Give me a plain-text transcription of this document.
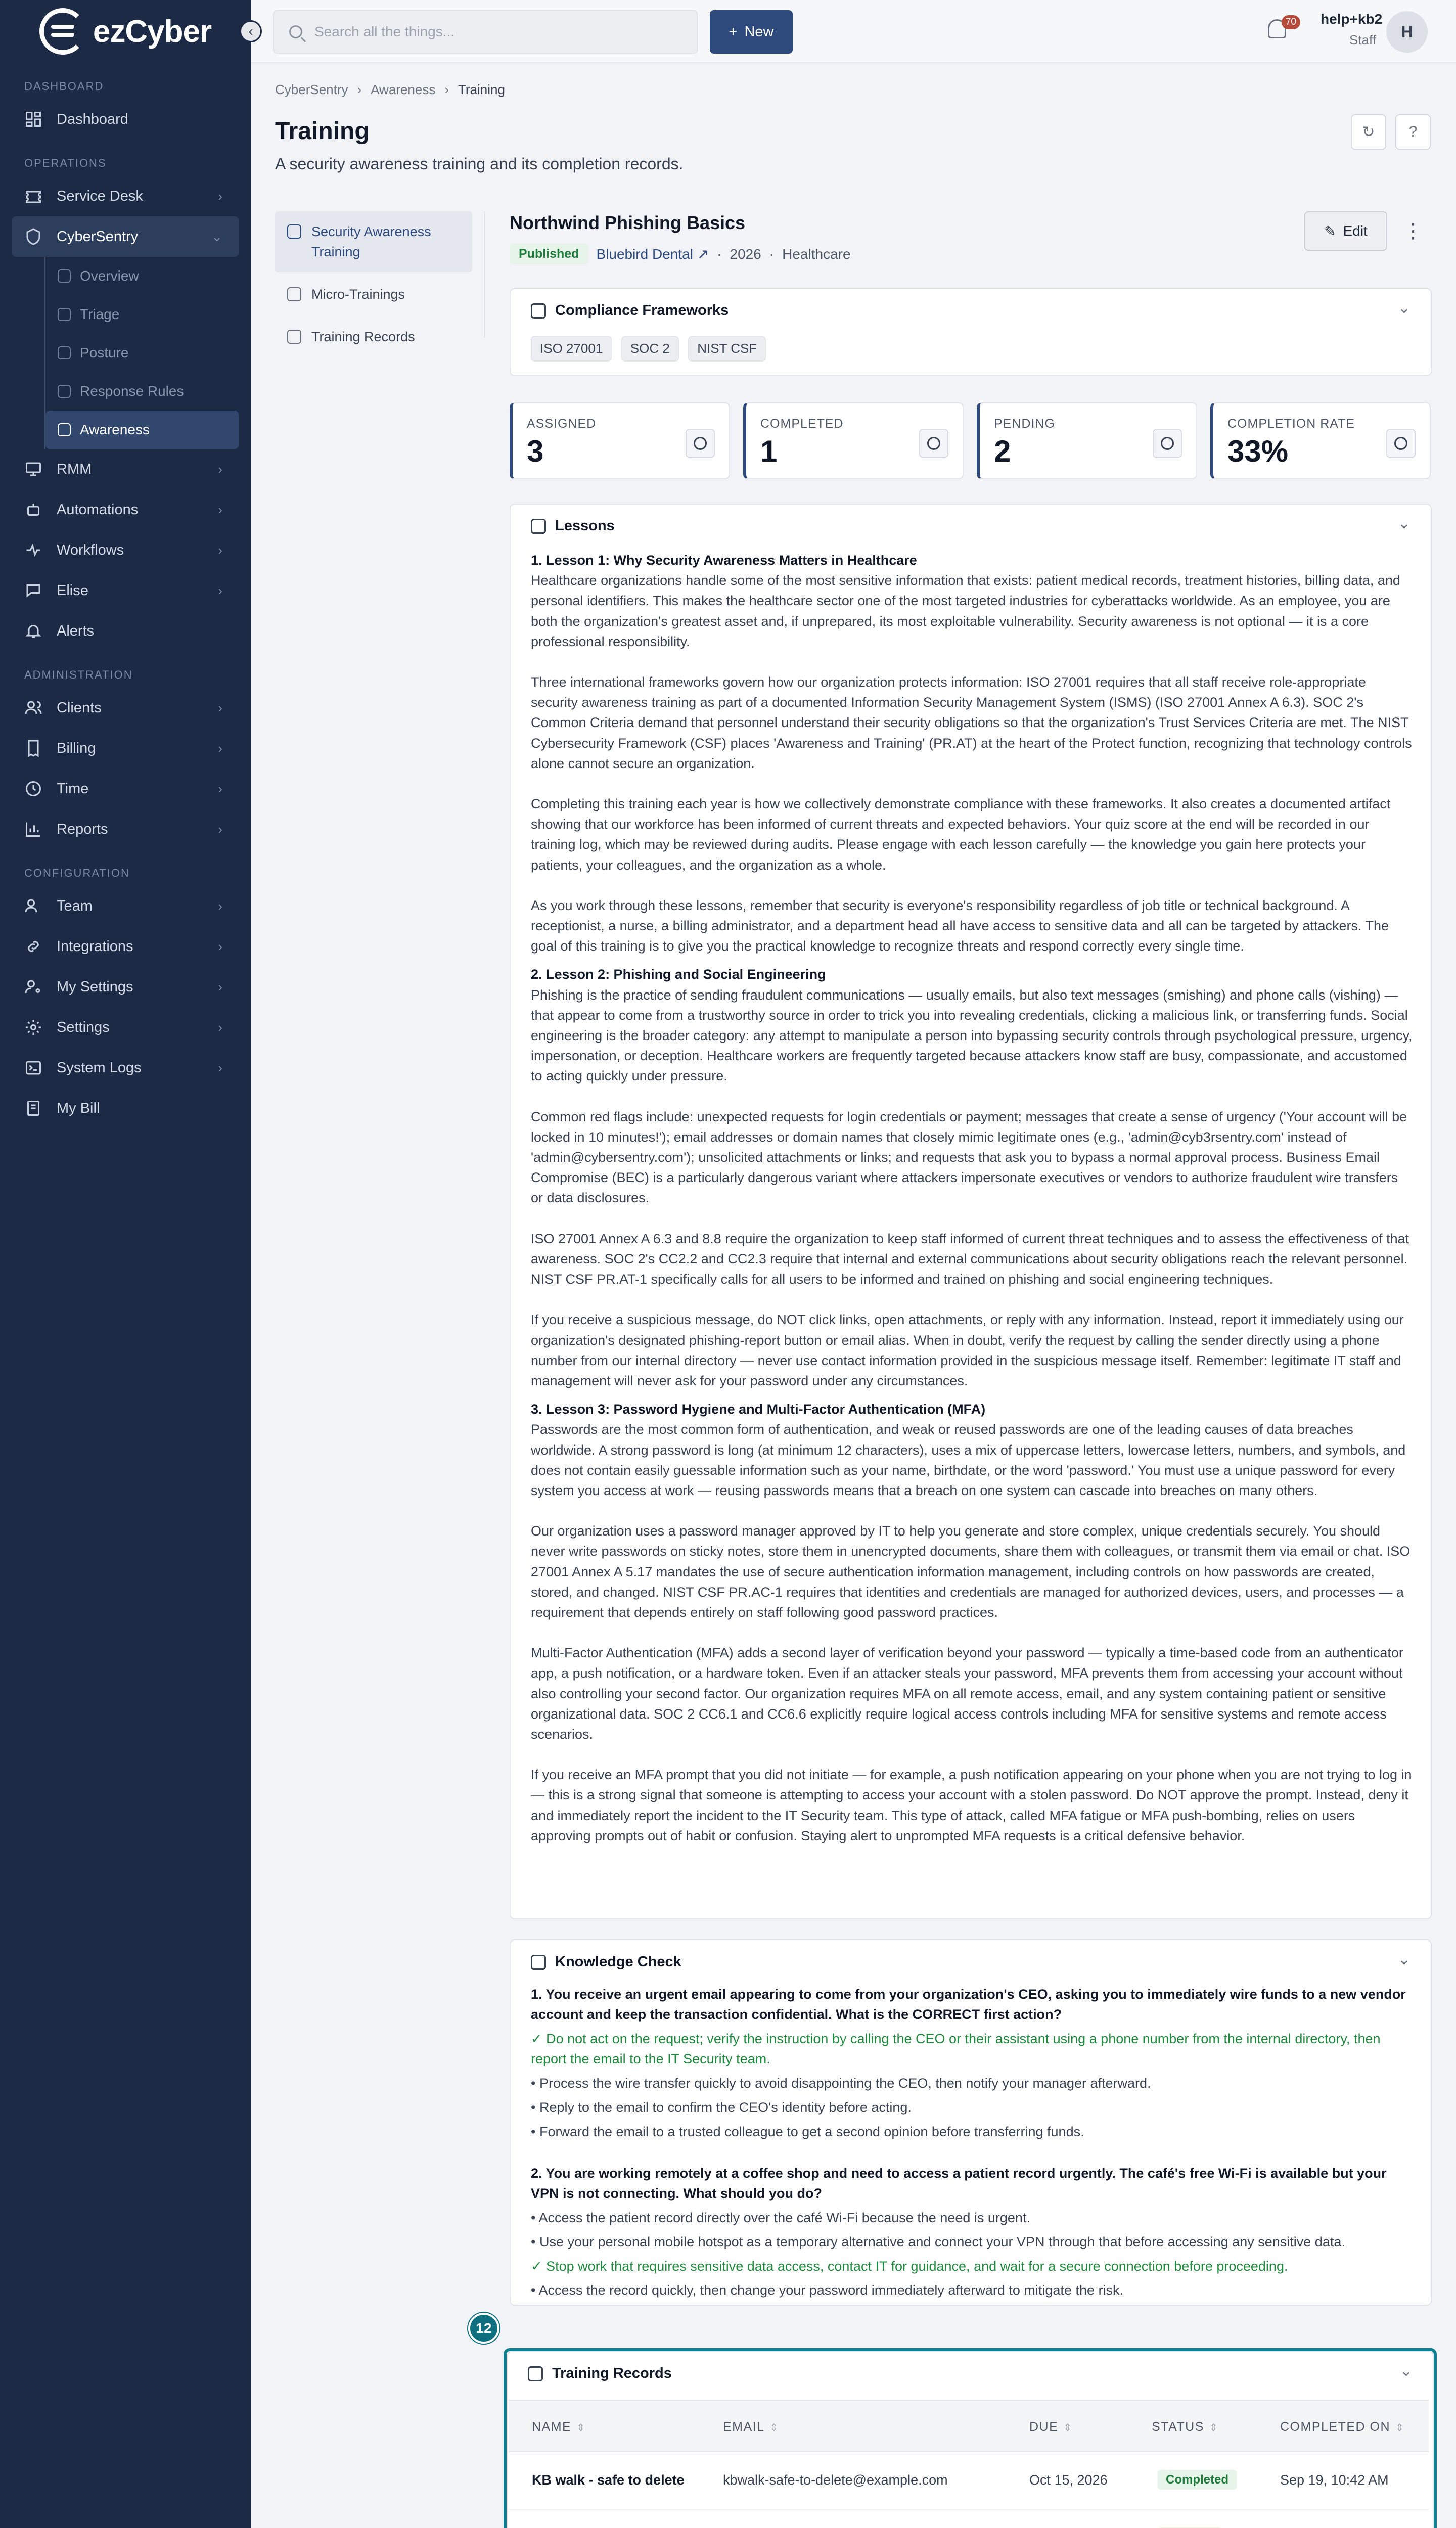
ezCyber	‹
DASHBOARD
Dashboard
OPERATIONS
Service Desk	›
CyberSentry	⌄
Overview
Triage
Posture
Response Rules
Awareness
RMM	›
Automations	›
Workflows	›
Elise	›
Alerts
ADMINISTRATION
Clients	›
Billing	›
Time	›
Reports	›
CONFIGURATION
Team	›
Integrations	›
My Settings	›
Settings	›
System Logs	›
My Bill
Search all the things...	+ New
70 help+kb2
Staff	H
CyberSentry › Awareness › Training
Training
A security awareness training and its completion records.
↻ ?
Security Awareness Training
Micro-Trainings
Training Records
Northwind Phishing Basics
Published	Bluebird Dental ↗ · 2026 · Healthcare
✎ Edit ⋮
Compliance Frameworks	⌄
ISO 27001 SOC 2 NIST CSF
ASSIGNED
3
COMPLETED
1
PENDING
2
COMPLETION RATE
33%
Lessons	⌄
1. Lesson 1: Why Security Awareness Matters in Healthcare

Healthcare organizations handle some of the most sensitive information that exists: patient medical records, treatment histories, billing data, and personal identifiers. This makes the healthcare sector one of the most targeted industries for cyberattacks worldwide. As an employee, you are both the organization's greatest asset and, if unprepared, its most exploitable vulnerability. Security awareness is not optional — it is a core professional responsibility.

Three international frameworks govern how our organization protects information: ISO 27001 requires that all staff receive role-appropriate security awareness training as part of a documented Information Security Management System (ISMS) (ISO 27001 Annex A 6.3). SOC 2's Common Criteria demand that personnel understand their security obligations so that the organization's Trust Services Criteria are met. The NIST Cybersecurity Framework (CSF) places 'Awareness and Training' (PR.AT) at the heart of the Protect function, recognizing that technology controls alone cannot secure an organization.

Completing this training each year is how we collectively demonstrate compliance with these frameworks. It also creates a documented artifact showing that our workforce has been informed of current threats and expected behaviors. Your quiz score at the end will be recorded in our training log, which may be reviewed during audits. Please engage with each lesson carefully — the knowledge you gain here protects your patients, your colleagues, and the organization as a whole.

As you work through these lessons, remember that security is everyone's responsibility regardless of job title or technical background. A receptionist, a nurse, a billing administrator, and a department head all have access to sensitive data and all can be targeted by attackers. The goal of this training is to give you the practical knowledge to recognize threats and respond correctly every single time.

2. Lesson 2: Phishing and Social Engineering

Phishing is the practice of sending fraudulent communications — usually emails, but also text messages (smishing) and phone calls (vishing) — that appear to come from a trustworthy source in order to trick you into revealing credentials, clicking a malicious link, or transferring funds. Social engineering is the broader category: any attempt to manipulate a person into bypassing security controls through psychological pressure, urgency, impersonation, or deception. Healthcare workers are frequently targeted because attackers know staff are busy, compassionate, and accustomed to acting quickly under pressure.

Common red flags include: unexpected requests for login credentials or payment; messages that create a sense of urgency ('Your account will be locked in 10 minutes!'); email addresses or domain names that closely mimic legitimate ones (e.g., 'admin@cyb3rsentry.com' instead of 'admin@cybersentry.com'); unsolicited attachments or links; and requests that ask you to bypass a normal approval process. Business Email Compromise (BEC) is a particularly dangerous variant where attackers impersonate executives or vendors to authorize fraudulent wire transfers or data disclosures.

ISO 27001 Annex A 6.3 and 8.8 require the organization to keep staff informed of current threat techniques and to assess the effectiveness of that awareness. SOC 2's CC2.2 and CC2.3 require that internal and external communications about security obligations reach the relevant personnel. NIST CSF PR.AT-1 specifically calls for all users to be informed and trained on phishing and social engineering techniques.

If you receive a suspicious message, do NOT click links, open attachments, or reply with any information. Instead, report it immediately using our organization's designated phishing-report button or email alias. When in doubt, verify the request by calling the sender directly using a phone number from our internal directory — never use contact information provided in the suspicious message itself. Remember: legitimate IT staff and management will never ask for your password under any circumstances.

3. Lesson 3: Password Hygiene and Multi-Factor Authentication (MFA)

Passwords are the most common form of authentication, and weak or reused passwords are one of the leading causes of data breaches worldwide. A strong password is long (at minimum 12 characters), uses a mix of uppercase letters, lowercase letters, numbers, and symbols, and does not contain easily guessable information such as your name, birthdate, or the word 'password.' You must use a unique password for every system you access at work — reusing passwords means that a breach on one system can cascade into breaches on many others.

Our organization uses a password manager approved by IT to help you generate and store complex, unique credentials securely. You should never write passwords on sticky notes, store them in unencrypted documents, share them with colleagues, or transmit them via email or chat. ISO 27001 Annex A 5.17 mandates the use of secure authentication information management, including controls on how passwords are created, stored, and changed. NIST CSF PR.AC-1 requires that identities and credentials are managed for authorized devices, users, and processes — a requirement that depends entirely on staff following good password practices.

Multi-Factor Authentication (MFA) adds a second layer of verification beyond your password — typically a time-based code from an authenticator app, a push notification, or a hardware token. Even if an attacker steals your password, MFA prevents them from accessing your account without also controlling your second factor. Our organization requires MFA on all remote access, email, and any system containing patient or sensitive organizational data. SOC 2 CC6.1 and CC6.6 explicitly require logical access controls including MFA for sensitive systems and remote access scenarios.

If you receive an MFA prompt that you did not initiate — for example, a push notification appearing on your phone when you are not trying to log in — this is a strong signal that someone is attempting to access your account with a stolen password. Do NOT approve the prompt. Instead, deny it and immediately report the incident to the IT Security team. This type of attack, called MFA fatigue or MFA push-bombing, relies on users approving prompts out of habit or confusion. Staying alert to unprompted MFA requests is a critical defensive behavior.

Knowledge Check	⌄
1. You receive an urgent email appearing to come from your organization's CEO, asking you to immediately wire funds to a new vendor account and keep the transaction confidential. What is the CORRECT first action?
✓ Do not act on the request; verify the instruction by calling the CEO or their assistant using a phone number from the internal directory, then report the email to the IT Security team.
• Process the wire transfer quickly to avoid disappointing the CEO, then notify your manager afterward.
• Reply to the email to confirm the CEO's identity before acting.
• Forward the email to a trusted colleague to get a second opinion before transferring funds.
2. You are working remotely at a coffee shop and need to access a patient record urgently. The café's free Wi-Fi is available but your VPN is not connecting. What should you do?
• Access the patient record directly over the café Wi-Fi because the need is urgent.
• Use your personal mobile hotspot as a temporary alternative and connect your VPN through that before accessing any sensitive data.
✓ Stop work that requires sensitive data access, contact IT for guidance, and wait for a secure connection before proceeding.
• Access the record quickly, then change your password immediately afterward to mitigate the risk.
12
Training Records	⌄
NAME ⇕	EMAIL ⇕	DUE ⇕	STATUS ⇕	COMPLETED ON ⇕
KB walk - safe to delete	kbwalk-safe-to-delete@example.com	Oct 15, 2026	Completed	Sep 19, 10:42 AM
